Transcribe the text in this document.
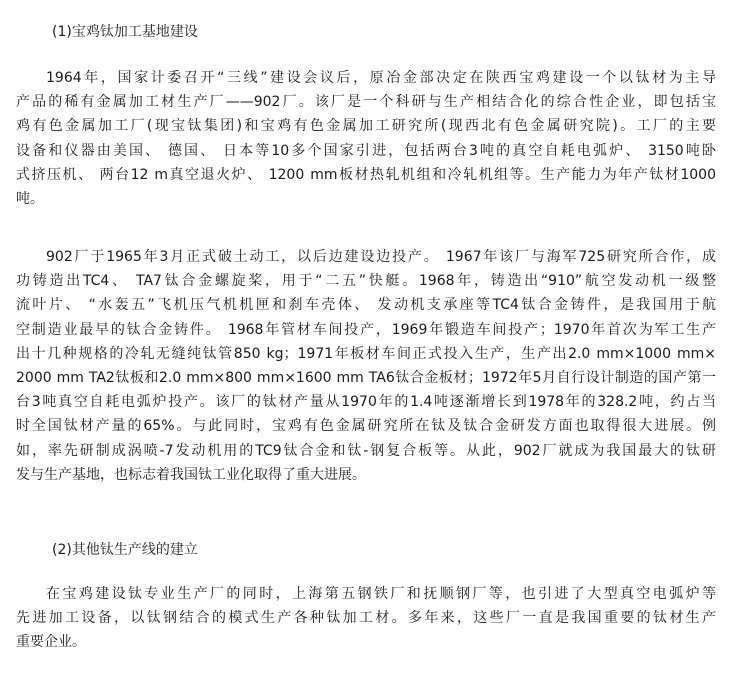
(1)宝鸡钛加工基地建设
1964年，国家计委召开“三线”建设会议后，原冶金部决定在陕西宝鸡建设一个以钛材为主导
产品的稀有金属加工材生产厂——902厂。该厂是一个科研与生产相结合化的综合性企业，即包括宝
鸡有色金属加工厂(现宝钛集团)和宝鸡有色金属加工研究所(现西北有色金属研究院)。工厂的主要
设备和仪器由美国、 德国、 日本等10多个国家引进，包括两台3吨的真空自耗电弧炉、 3150吨卧
式挤压机、 两台12 m真空退火炉、 1200 mm板材热轧机组和冷轧机组等。生产能力为年产钛材1000
吨。
902厂于1965年3月正式破土动工，以后边建设边投产。 1967年该厂与海军725研究所合作，成
功铸造出TC4、 TA7钛合金螺旋桨，用于“二五”快艇。1968年，铸造出“910”航空发动机一级整
流叶片、 “水轰五”飞机压气机机匣和刹车壳体、 发动机支承座等TC4钛合金铸件，是我国用于航
空制造业最早的钛合金铸件。 1968年管材车间投产，1969年锻造车间投产；1970年首次为军工生产
出十几种规格的冷轧无缝纯钛管850 kg；1971年板材车间正式投入生产，生产出2.0 mm×1000 mm×
2000 mm TA2钛板和2.0 mm×800 mm×1600 mm TA6钛合金板材；1972年5月自行设计制造的国产第一
台3吨真空自耗电弧炉投产。该厂的钛材产量从1970年的1.4吨逐渐增长到1978年的328.2吨，约占当
时全国钛材产量的65%。与此同时，宝鸡有色金属研究所在钛及钛合金研发方面也取得很大进展。例
如，率先研制成涡喷-7发动机用的TC9钛合金和钛-钢复合板等。从此，902厂就成为我国最大的钛研
发与生产基地，也标志着我国钛工业化取得了重大进展。
(2)其他钛生产线的建立
在宝鸡建设钛专业生产厂的同时，上海第五钢铁厂和抚顺钢厂等，也引进了大型真空电弧炉等
先进加工设备，以钛钢结合的模式生产各种钛加工材。多年来，这些厂一直是我国重要的钛材生产
重要企业。
